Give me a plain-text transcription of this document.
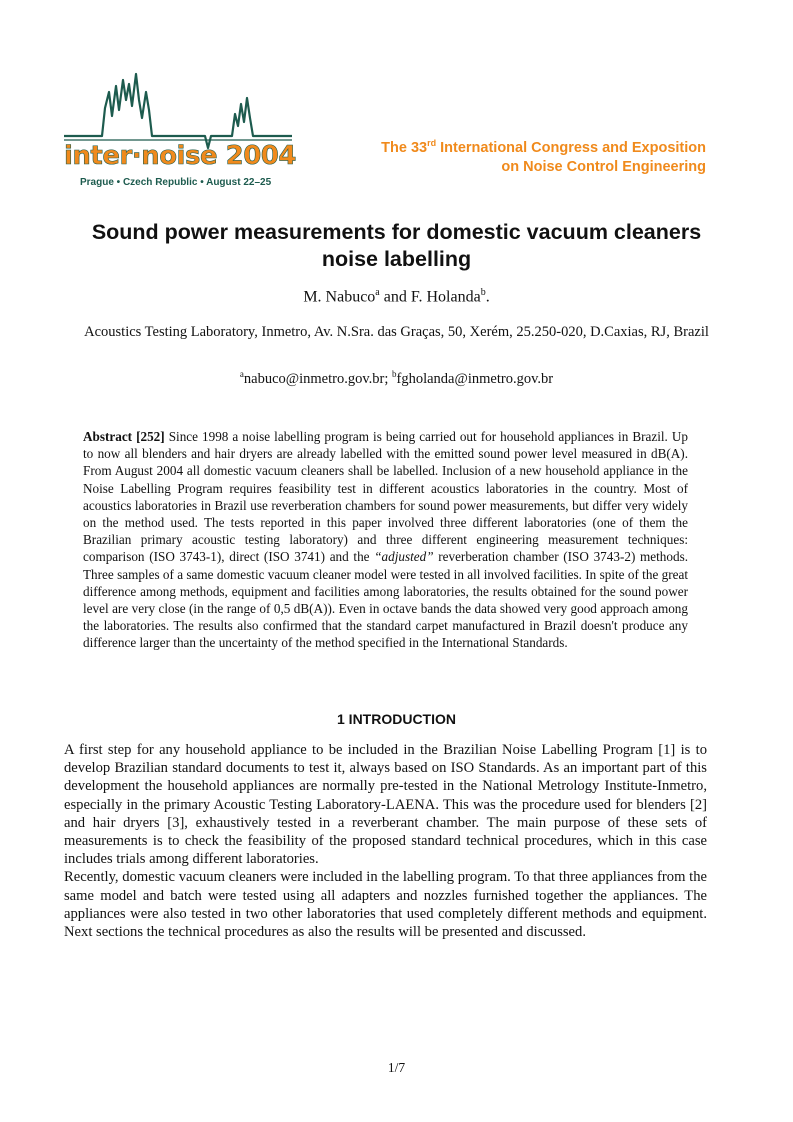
inter·noise 2004
Prague • Czech Republic • August 22–25
The 33rd International Congress and Exposition
on Noise Control Engineering
Sound power measurements for domestic vacuum cleaners
noise labelling
M. Nabuco$^a$ and F. Holanda$^b$.
Acoustics Testing Laboratory, Inmetro, Av. N.Sra. das Graças, 50, Xerém, 25.250-020, D.Caxias, RJ, Brazil
$^a$nabuco@inmetro.gov.br; $^b$fgholanda@inmetro.gov.br
Abstract [252] Since 1998 a noise labelling program is being carried out for household appliances in Brazil. Up to now all blenders and hair dryers are already labelled with the emitted sound power level measured in dB(A). From August 2004 all domestic vacuum cleaners shall be labelled. Inclusion of a new household appliance in the Noise Labelling Program requires feasibility test in different acoustics laboratories in the country. Most of acoustics laboratories in Brazil use reverberation chambers for sound power measurements, but differ very widely on the method used. The tests reported in this paper involved three different laboratories (one of them the Brazilian primary acoustic testing laboratory) and three different engineering measurement techniques: comparison (ISO 3743-1), direct (ISO 3741) and the “adjusted” reverberation chamber (ISO 3743-2) methods. Three samples of a same domestic vacuum cleaner model were tested in all involved facilities. In spite of the great difference among methods, equipment and facilities among laboratories, the results obtained for the sound power level are very close (in the range of 0,5 dB(A)). Even in octave bands the data showed very good approach among the laboratories. The results also confirmed that the standard carpet manufactured in Brazil doesn't produce any difference larger than the uncertainty of the method specified in the International Standards.
1 INTRODUCTION

A first step for any household appliance to be included in the Brazilian Noise Labelling Program [1] is to develop Brazilian standard documents to test it, always based on ISO Standards. As an important part of this development the household appliances are normally pre-tested in the National Metrology Institute-Inmetro, especially in the primary Acoustic Testing Laboratory-LAENA. This was the procedure used for blenders [2] and hair dryers [3], exhaustively tested in a reverberant chamber. The main purpose of these sets of measurements is to check the feasibility of the proposed standard technical procedures, which in this case includes trials among different laboratories.

Recently, domestic vacuum cleaners were included in the labelling program. To that three appliances from the same model and batch were tested using all adapters and nozzles furnished together the appliances. The appliances were also tested in two other laboratories that used completely different methods and equipment. Next sections the technical procedures as also the results will be presented and discussed.

1/7
